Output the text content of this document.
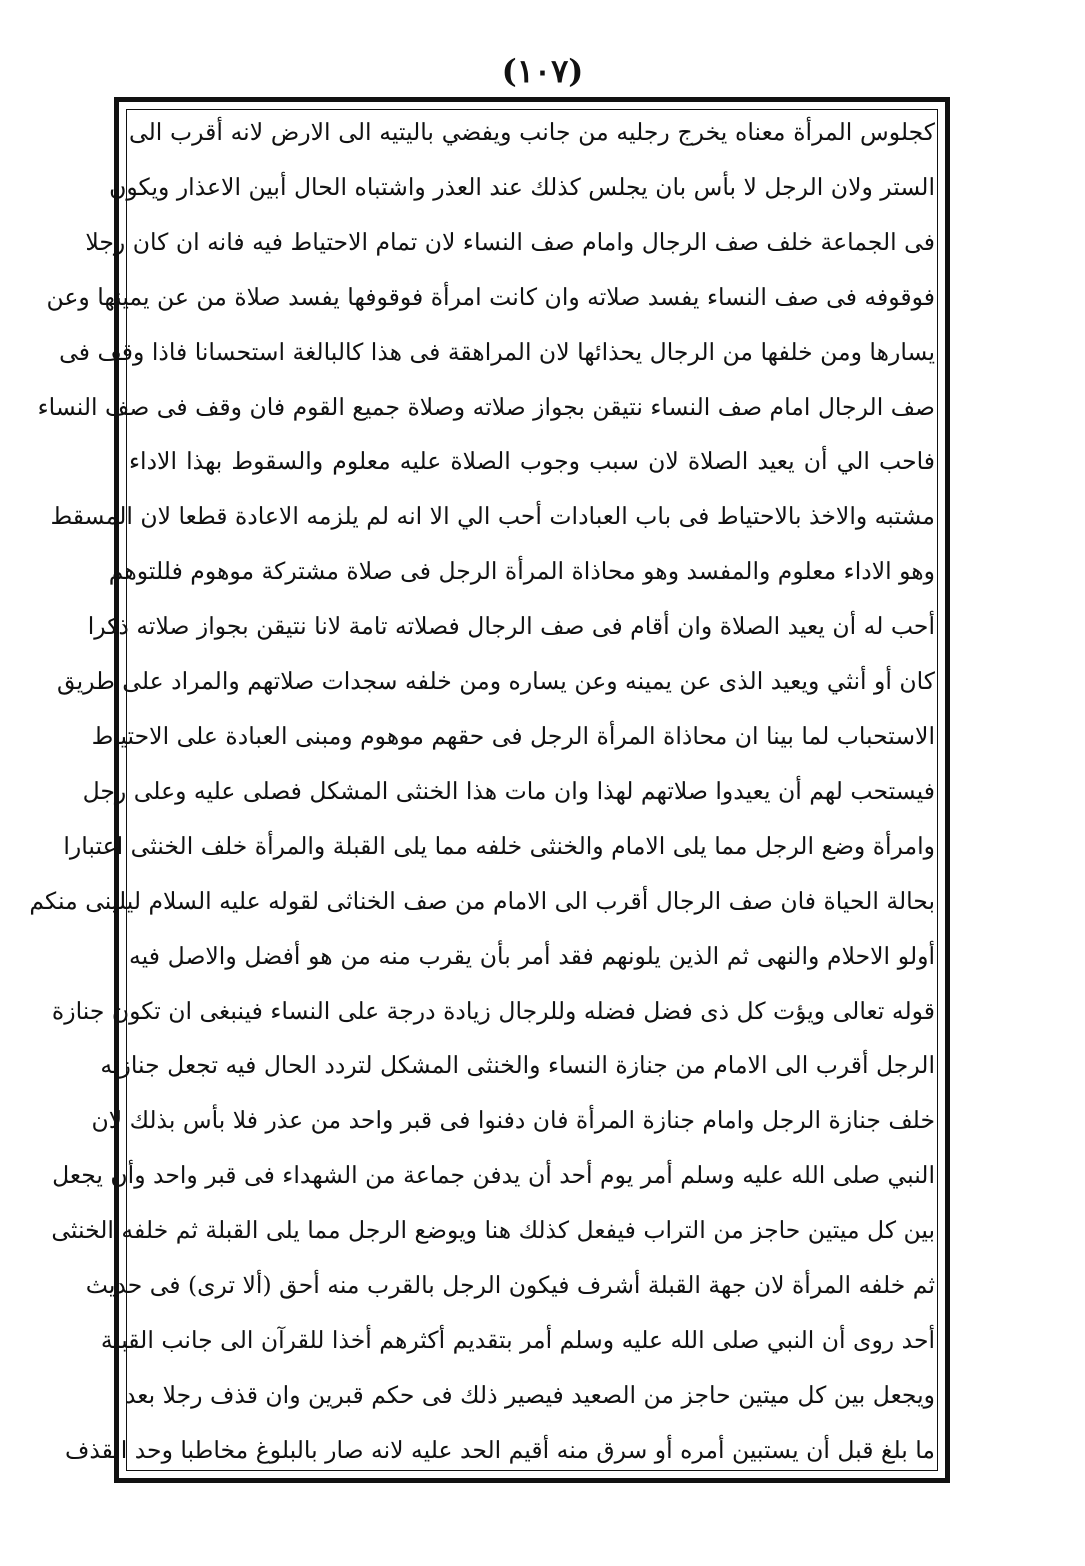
(١٠٧)
كجلوس المرأة معناه يخرج رجليه من جانب ويفضي باليتيه الى الارض لانه أقرب الى
الستر ولان الرجل لا بأس بان يجلس كذلك عند العذر واشتباه الحال أبين الاعذار ويكون
فى الجماعة خلف صف الرجال وامام صف النساء لان تمام الاحتياط فيه فانه ان كان رجلا
فوقوفه فى صف النساء يفسد صلاته وان كانت امرأة فوقوفها يفسد صلاة من عن يمينها وعن
يسارها ومن خلفها من الرجال يحذائها لان المراهقة فى هذا كالبالغة استحسانا فاذا وقف فى
صف الرجال امام صف النساء نتيقن بجواز صلاته وصلاة جميع القوم فان وقف فى صف النساء
فاحب الي أن يعيد الصلاة لان سبب وجوب الصلاة عليه معلوم والسقوط بهذا الاداء
مشتبه والاخذ بالاحتياط فى باب العبادات أحب الي الا انه لم يلزمه الاعادة قطعا لان المسقط
وهو الاداء معلوم والمفسد وهو محاذاة المرأة الرجل فى صلاة مشتركة موهوم فللتوهم
أحب له أن يعيد الصلاة وان أقام فى صف الرجال فصلاته تامة لانا نتيقن بجواز صلاته ذكرا
كان أو أنثي ويعيد الذى عن يمينه وعن يساره ومن خلفه سجدات صلاتهم والمراد على طريق
الاستحباب لما بينا ان محاذاة المرأة الرجل فى حقهم موهوم ومبنى العبادة على الاحتياط
فيستحب لهم أن يعيدوا صلاتهم لهذا وان مات هذا الخنثى المشكل فصلى عليه وعلى رجل
وامرأة وضع الرجل مما يلى الامام والخنثى خلفه مما يلى القبلة والمرأة خلف الخنثى اعتبارا
بحالة الحياة فان صف الرجال أقرب الى الامام من صف الخناثى لقوله عليه السلام ليلينى منكم
أولو الاحلام والنهى ثم الذين يلونهم فقد أمر بأن يقرب منه من هو أفضل والاصل فيه
قوله تعالى ويؤت كل ذى فضل فضله وللرجال زيادة درجة على النساء فينبغى ان تكون جنازة
الرجل أقرب الى الامام من جنازة النساء والخنثى المشكل لتردد الحال فيه تجعل جنازته
خلف جنازة الرجل وامام جنازة المرأة فان دفنوا فى قبر واحد من عذر فلا بأس بذلك لان
النبي صلى الله عليه وسلم أمر يوم أحد أن يدفن جماعة من الشهداء فى قبر واحد وأن يجعل
بين كل ميتين حاجز من التراب فيفعل كذلك هنا ويوضع الرجل مما يلى القبلة ثم خلفه الخنثى
ثم خلفه المرأة لان جهة القبلة أشرف فيكون الرجل بالقرب منه أحق (ألا ترى) فى حديث
أحد روى أن النبي صلى الله عليه وسلم أمر بتقديم أكثرهم أخذا للقرآن الى جانب القبلة
ويجعل بين كل ميتين حاجز من الصعيد فيصير ذلك فى حكم قبرين وان قذف رجلا بعد
ما بلغ قبل أن يستبين أمره أو سرق منه أقيم الحد عليه لانه صار بالبلوغ مخاطبا وحد القذف
